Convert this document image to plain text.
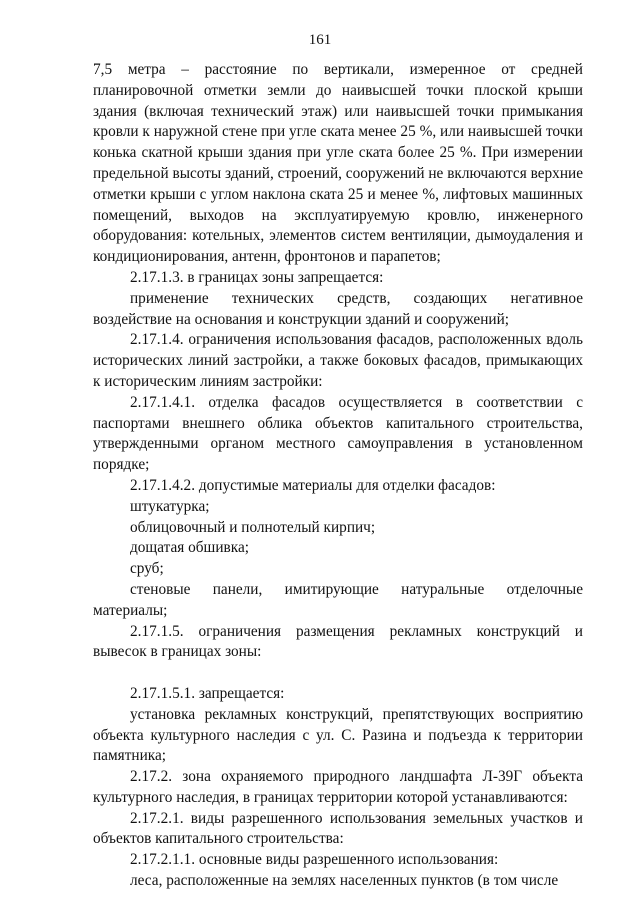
161

7,5 метра – расстояние по вертикали, измеренное от средней планировочной отметки земли до наивысшей точки плоской крыши здания (включая технический этаж) или наивысшей точки примыкания кровли к наружной стене при угле ската менее 25 %, или наивысшей точки конька скатной крыши здания при угле ската более 25 %. При измерении предельной высоты зданий, строений, сооружений не включаются верхние отметки крыши с углом наклона ската 25 и менее %, лифтовых машинных помещений, выходов на эксплуатируемую кровлю, инженерного оборудования: котельных, элементов систем вентиляции, дымоудаления и кондиционирования, антенн, фронтонов и парапетов;

2.17.1.3. в границах зоны запрещается:

применение технических средств, создающих негативное воздействие на основания и конструкции зданий и сооружений;

2.17.1.4. ограничения использования фасадов, расположенных вдоль исторических линий застройки, а также боковых фасадов, примыкающих к историческим линиям застройки:

2.17.1.4.1. отделка фасадов осуществляется в соответствии с паспортами внешнего облика объектов капитального строительства, утвержденными органом местного самоуправления в установленном порядке;

2.17.1.4.2. допустимые материалы для отделки фасадов:

штукатурка;

облицовочный и полнотелый кирпич;

дощатая обшивка;

сруб;

стеновые панели, имитирующие натуральные отделочные материалы;

2.17.1.5. ограничения размещения рекламных конструкций и вывесок в границах зоны:

2.17.1.5.1. запрещается:

установка рекламных конструкций, препятствующих восприятию объекта культурного наследия с ул. С. Разина и подъезда к территории памятника;

2.17.2. зона охраняемого природного ландшафта Л-39Г объекта культурного наследия, в границах территории которой устанавливаются:

2.17.2.1. виды разрешенного использования земельных участков и объектов капитального строительства:

2.17.2.1.1. основные виды разрешенного использования:

леса, расположенные на землях населенных пунктов (в том числе
